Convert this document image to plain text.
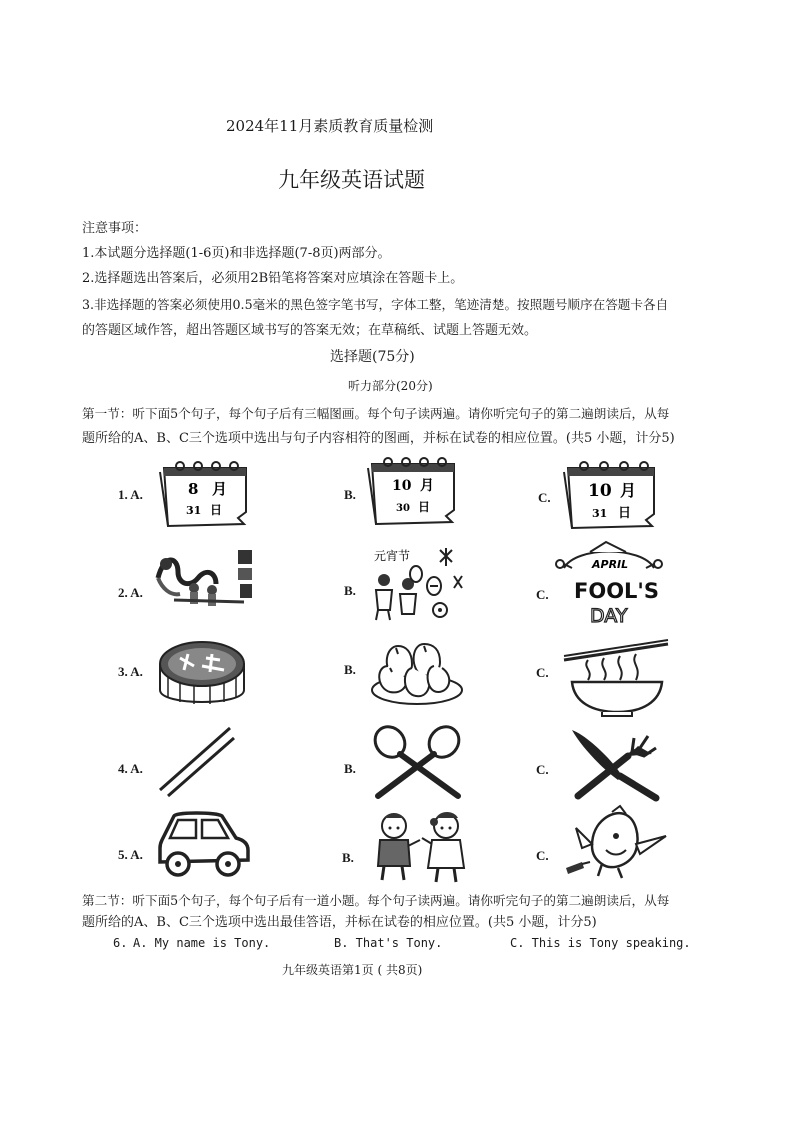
2024年11月素质教育质量检测
九年级英语试题
注意事项：
1.本试题分选择题(1-6页)和非选择题(7-8页)两部分。
2.选择题选出答案后，必须用2B铅笔将答案对应填涂在答题卡上。
3.非选择题的答案必须使用0.5毫米的黑色签字笔书写，字体工整，笔迹清楚。按照题号顺序在答题卡各自
的答题区域作答，超出答题区域书写的答案无效；在草稿纸、试题上答题无效。
选择题(75分)
听力部分(20分)
第一节：听下面5个句子，每个句子后有三幅图画。每个句子读两遍。请你听完句子的第二遍朗读后，从每
题所给的A、B、C三个选项中选出与句子内容相符的图画，并标在试卷的相应位置。(共5 小题，计分5)
1. A.	B.	C.
8 月
31 日
10 月
30 日
10 月
31 日
2. A.	B.	C.
元宵节
APRIL
FOOL'S
DAY
3. A.	B.	C.
4. A.	B.	C.
5. A.	B.	C.
第二节：听下面5个句子，每个句子后有一道小题。每个句子读两遍。请你听完句子的第二遍朗读后，从每
题所给的A、B、C三个选项中选出最佳答语，并标在试卷的相应位置。(共5 小题，计分5)
6. A. My name is Tony.	B. That's Tony.	C. This is Tony speaking.
九年级英语第1页 ( 共8页)
